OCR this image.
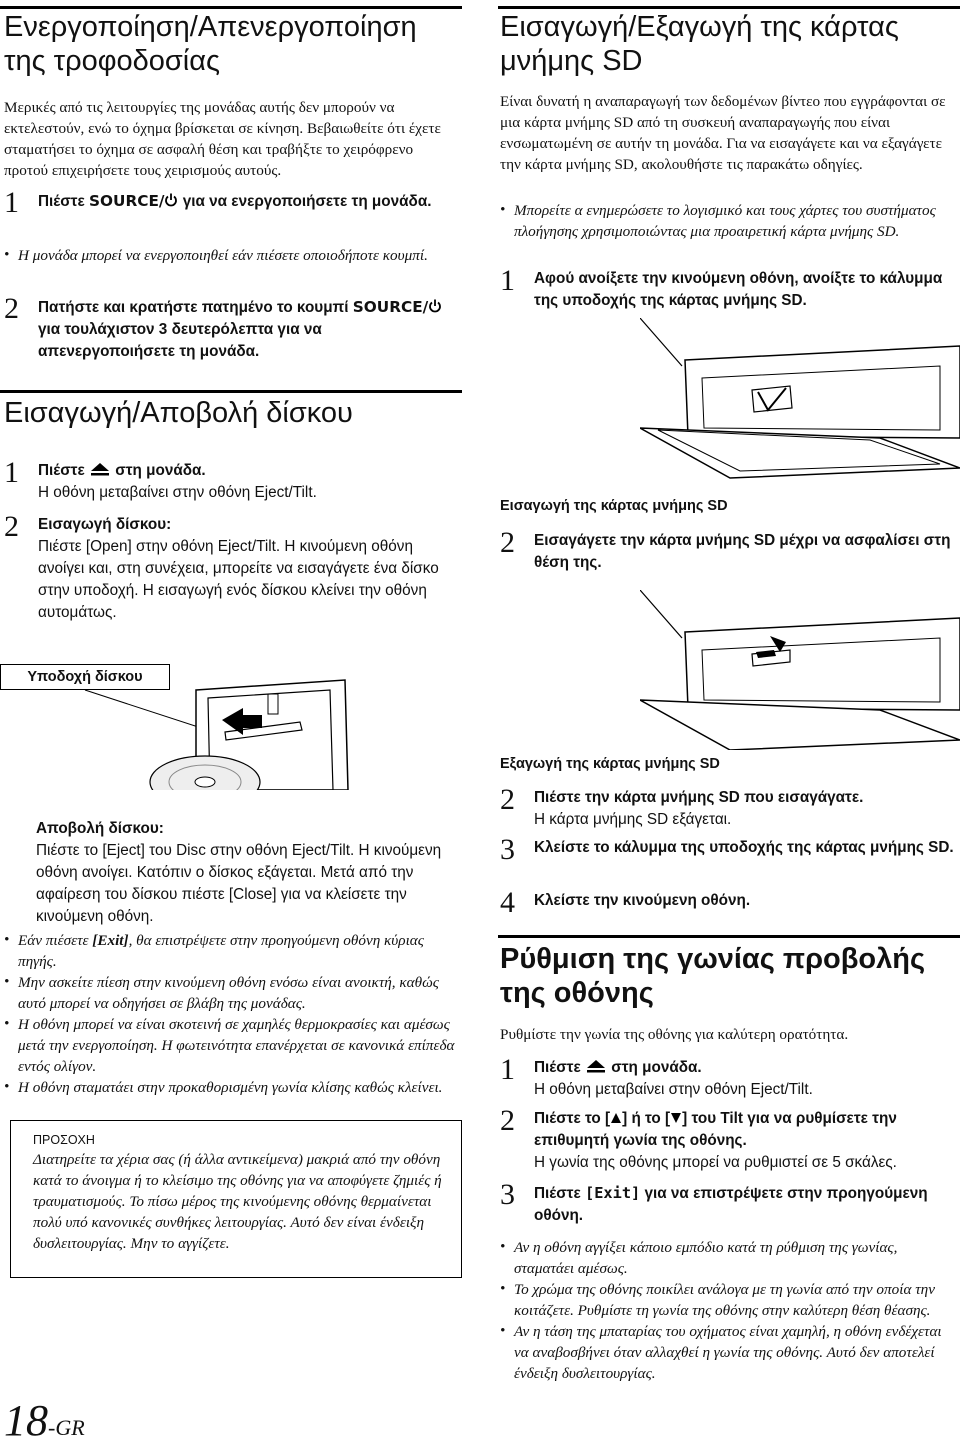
Ενεργοποίηση/Απενεργοποίηση της τροφοδοσίας
Μερικές από τις λειτουργίες της μονάδας αυτής δεν μπορούν να εκτελεστούν, ενώ το όχημα βρίσκεται σε κίνηση. Βεβαιωθείτε ότι έχετε σταματήσει το όχημα σε ασφαλή θέση και τραβήξτε το χειρόφρενο προτού επιχειρήσετε τους χειρισμούς αυτούς.
1	Πιέστε SOURCE/ για να ενεργοποιήσετε τη μονάδα.
• Η μονάδα μπορεί να ενεργοποιηθεί εάν πιέσετε οποιοδήποτε κουμπί.
2	Πατήστε και κρατήστε πατημένο το κουμπί SOURCE/ για τουλάχιστον 3 δευτερόλεπτα για να απενεργοποιήσετε τη μονάδα.
Εισαγωγή/Αποβολή δίσκου
1	Πιέστε  στη μονάδα.
Η οθόνη μεταβαίνει στην οθόνη Eject/Tilt.
2	Εισαγωγή δίσκου:
Πιέστε [Open] στην οθόνη Eject/Tilt. Η κινούμενη οθόνη ανοίγει και, στη συνέχεια, μπορείτε να εισαγάγετε ένα δίσκο στην υποδοχή. Η εισαγωγή ενός δίσκου κλείνει την οθόνη αυτομάτως.
Υποδοχή δίσκου
Αποβολή δίσκου:
Πιέστε το [Eject] του Disc στην οθόνη Eject/Tilt. Η κινούμενη οθόνη ανοίγει. Κατόπιν ο δίσκος εξάγεται. Μετά από την αφαίρεση του δίσκου πιέστε [Close] για να κλείσετε την κινούμενη οθόνη.
• Εάν πιέσετε [Exit], θα επιστρέψετε στην προηγούμενη οθόνη κύριας πηγής.
• Μην ασκείτε πίεση στην κινούμενη οθόνη ενόσω είναι ανοικτή, καθώς αυτό μπορεί να οδηγήσει σε βλάβη της μονάδας.
• Η οθόνη μπορεί να είναι σκοτεινή σε χαμηλές θερμοκρασίες και αμέσως μετά την ενεργοποίηση. Η φωτεινότητα επανέρχεται σε κανονικά επίπεδα εντός ολίγον.
• Η οθόνη σταματάει στην προκαθορισμένη γωνία κλίσης καθώς κλείνει.
ΠΡΟΣΟΧΗ
Διατηρείτε τα χέρια σας (ή άλλα αντικείμενα) μακριά από την οθόνη κατά το άνοιγμα ή το κλείσιμο της οθόνης για να αποφύγετε ζημιές ή τραυματισμούς. Το πίσω μέρος της κινούμενης οθόνης θερμαίνεται πολύ υπό κανονικές συνθήκες λειτουργίας. Αυτό δεν είναι ένδειξη δυσλειτουργίας. Μην το αγγίζετε.
18-GR
Εισαγωγή/Εξαγωγή της κάρτας μνήμης SD
Είναι δυνατή η αναπαραγωγή των δεδομένων βίντεο που εγγράφονται σε μια κάρτα μνήμης SD από τη συσκευή αναπαραγωγής που είναι ενσωματωμένη σε αυτήν τη μονάδα. Για να εισαγάγετε και να εξαγάγετε την κάρτα μνήμης SD, ακολουθήστε τις παρακάτω οδηγίες.
• Μπορείτε α ενημερώσετε το λογισμικό και τους χάρτες του συστήματος πλοήγησης χρησιμοποιώντας μια προαιρετική κάρτα μνήμης SD.
1	Αφού ανοίξετε την κινούμενη οθόνη, ανοίξτε το κάλυμμα της υποδοχής της κάρτας μνήμης SD.
Εισαγωγή της κάρτας μνήμης SD
2	Εισαγάγετε την κάρτα μνήμης SD μέχρι να ασφαλίσει στη θέση της.
Εξαγωγή της κάρτας μνήμης SD
2	Πιέστε την κάρτα μνήμης SD που εισαγάγατε.
Η κάρτα μνήμης SD εξάγεται.
3	Κλείστε το κάλυμμα της υποδοχής της κάρτας μνήμης SD.
4	Κλείστε την κινούμενη οθόνη.
Ρύθμιση της γωνίας προβολής της οθόνης
Ρυθμίστε την γωνία της οθόνης για καλύτερη ορατότητα.
1	Πιέστε  στη μονάδα.
Η οθόνη μεταβαίνει στην οθόνη Eject/Tilt.
2	Πιέστε το [ ] ή το [ ] του Tilt για να ρυθμίσετε την επιθυμητή γωνία της οθόνης.
Η γωνία της οθόνης μπορεί να ρυθμιστεί σε 5 σκάλες.
3	Πιέστε [Exit] για να επιστρέψετε στην προηγούμενη οθόνη.
• Αν η οθόνη αγγίξει κάποιο εμπόδιο κατά τη ρύθμιση της γωνίας, σταματάει αμέσως.
• Το χρώμα της οθόνης ποικίλει ανάλογα με τη γωνία από την οποία την κοιτάζετε. Ρυθμίστε τη γωνία της οθόνης στην καλύτερη θέση θέασης.
• Αν η τάση της μπαταρίας του οχήματος είναι χαμηλή, η οθόνη ενδέχεται να αναβοσβήνει όταν αλλαχθεί η γωνία της οθόνης. Αυτό δεν αποτελεί ένδειξη δυσλειτουργίας.
